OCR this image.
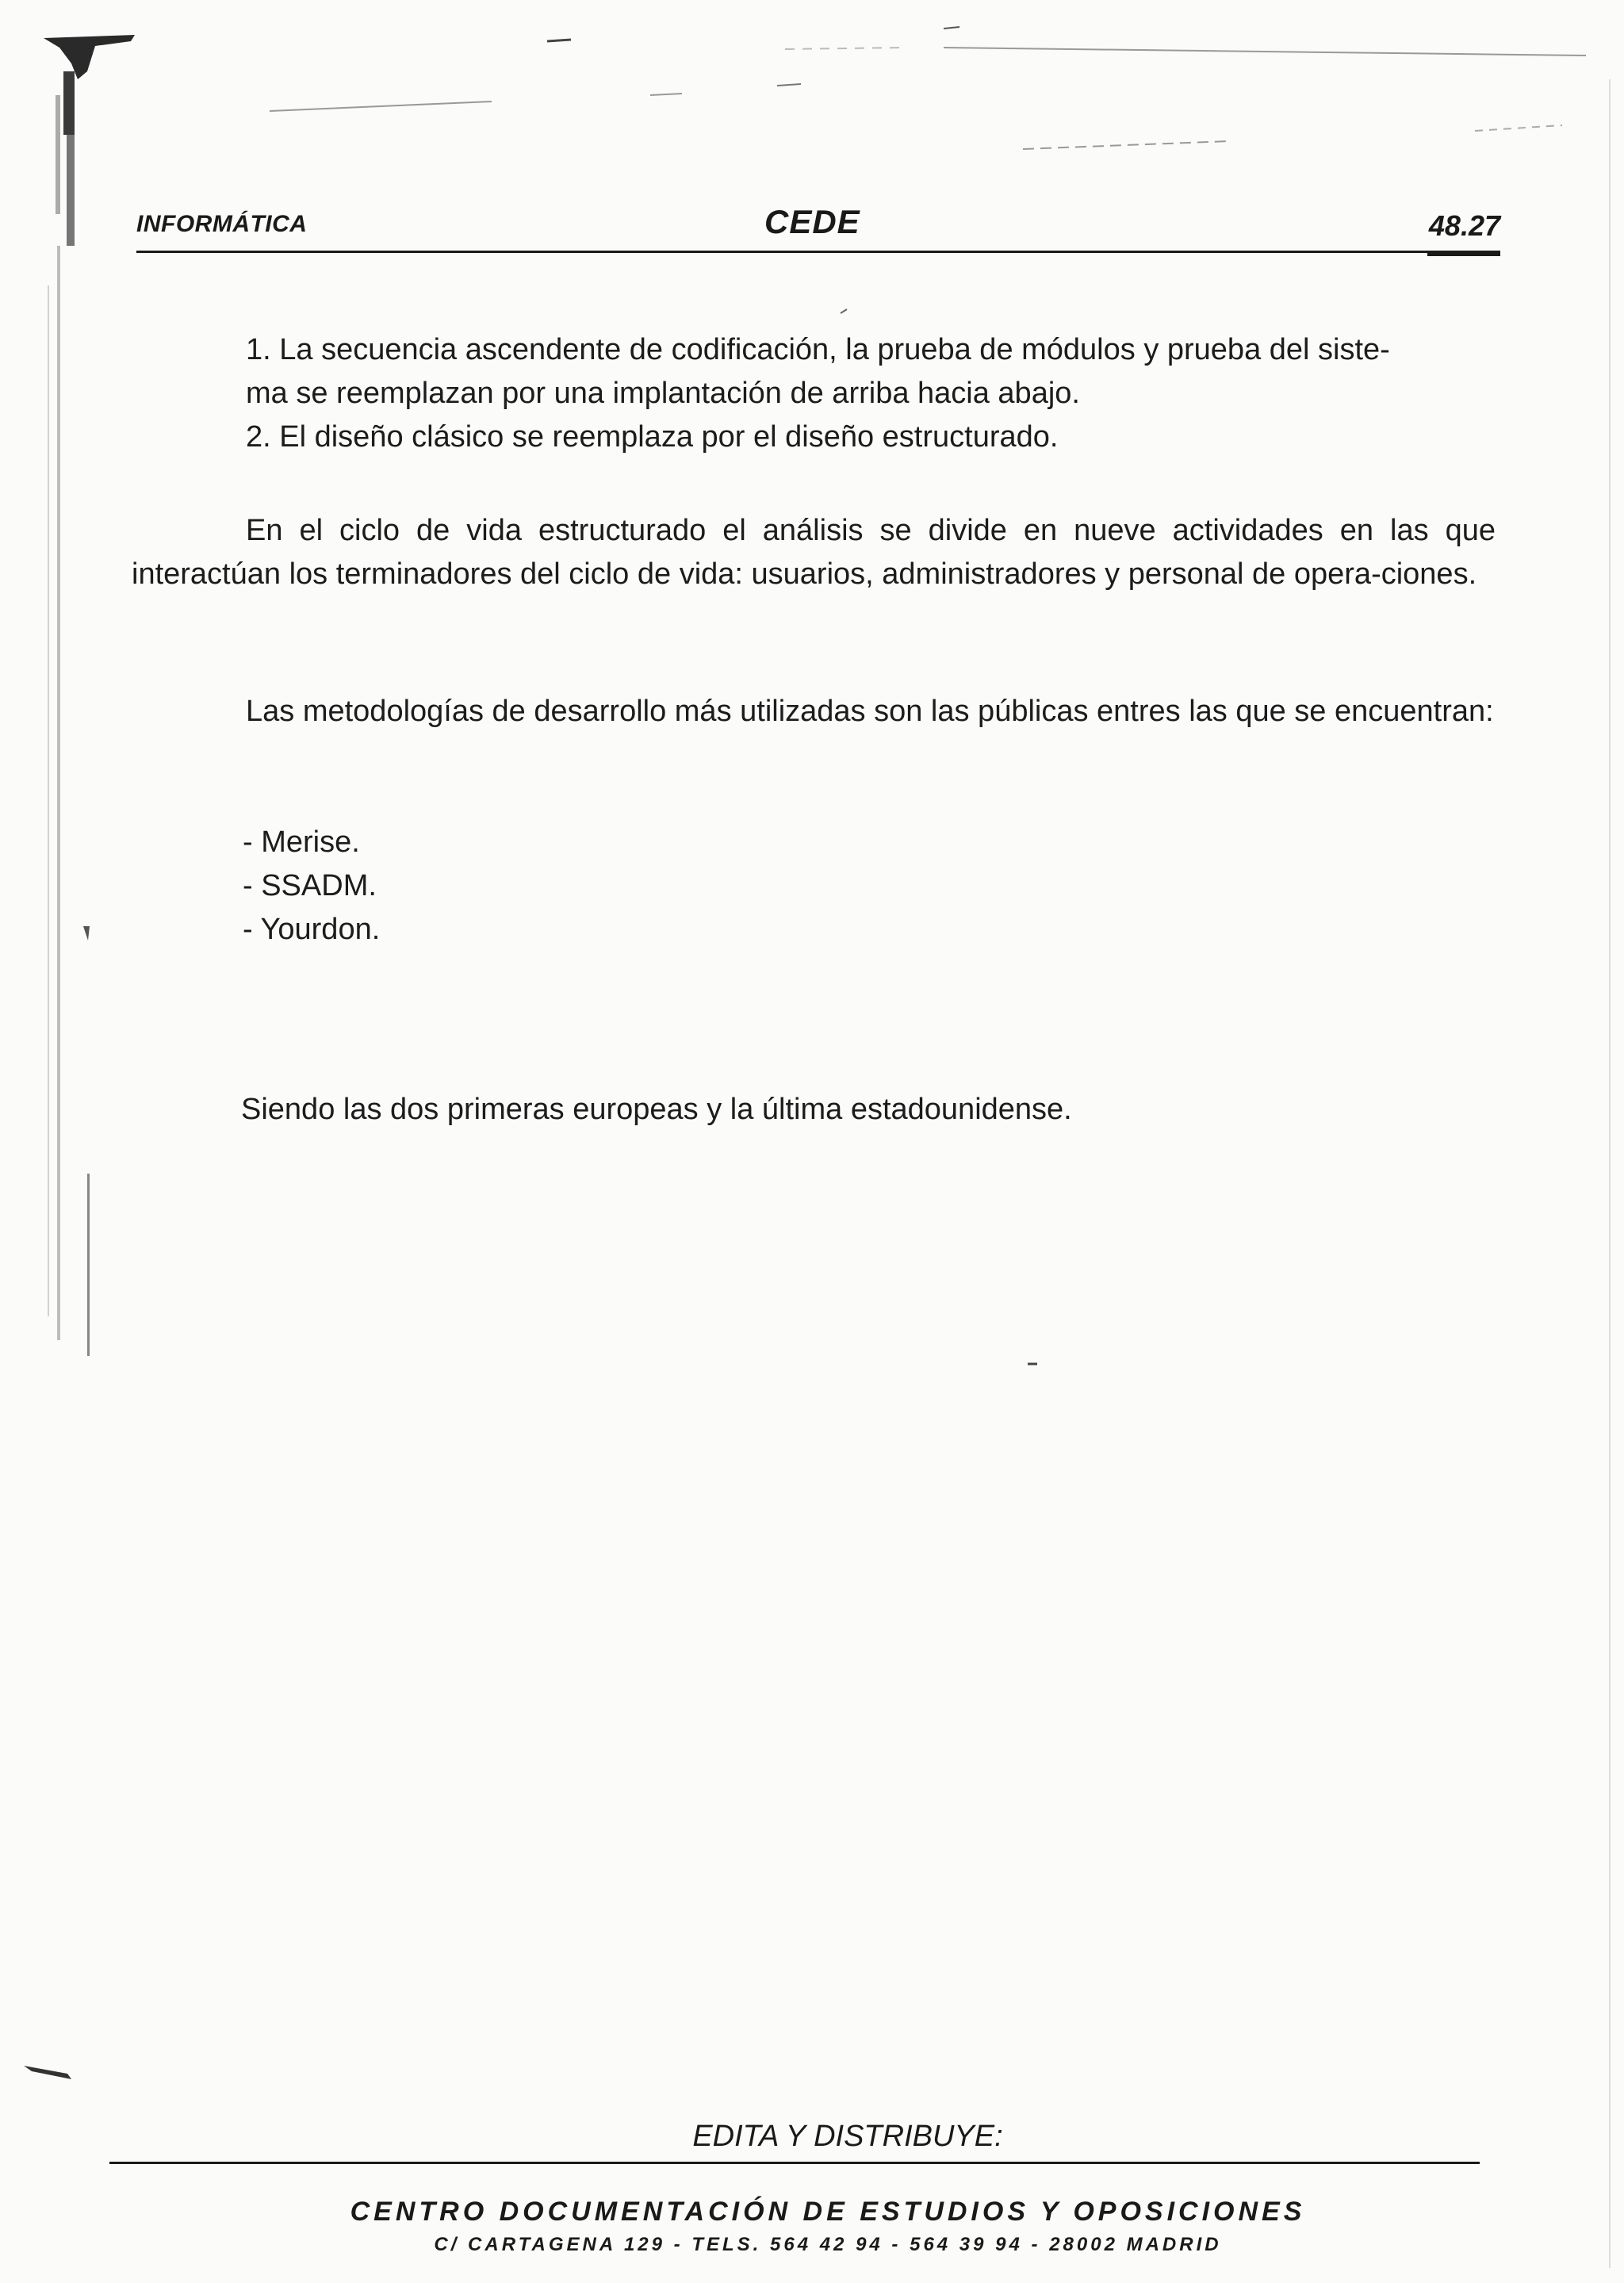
INFORMÁTICA	CEDE	48.27
1. La secuencia ascendente de codificación, la prueba de módulos y prueba del siste-
ma se reemplazan por una implantación de arriba hacia abajo.
2. El diseño clásico se reemplaza por el diseño estructurado.
En el ciclo de vida estructurado el análisis se divide en nueve actividades en las que interactúan los terminadores del ciclo de vida: usuarios, administradores y personal de opera-ciones.
Las metodologías de desarrollo más utilizadas son las públicas entres las que se encuentran:
- Merise.
- SSADM.
- Yourdon.
Siendo las dos primeras europeas y la última estadounidense.
EDITA Y DISTRIBUYE:
CENTRO DOCUMENTACIÓN DE ESTUDIOS Y OPOSICIONES
C/ CARTAGENA 129 - TELS. 564 42 94 - 564 39 94 - 28002 MADRID
